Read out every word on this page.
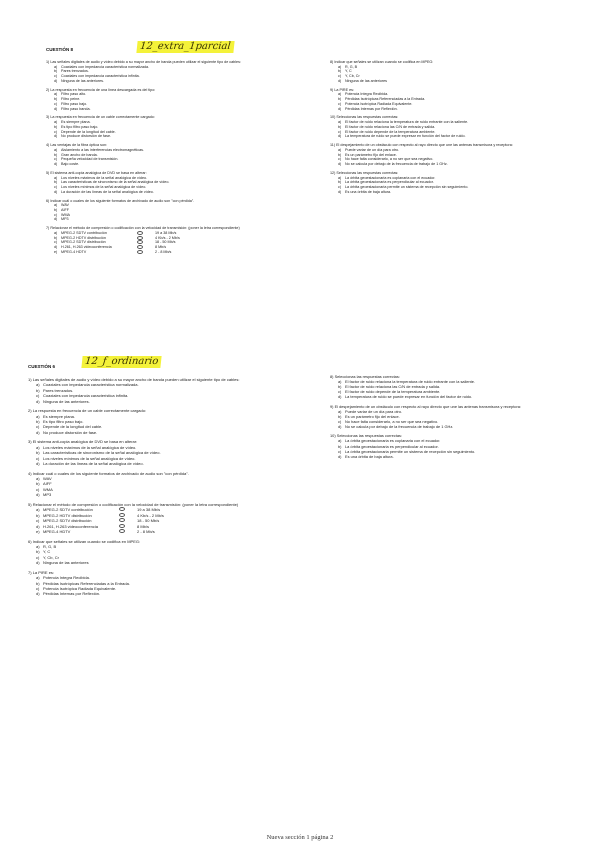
CUESTIÓN 8	12_extra_1parcial
1) Las señales digitales de audio y vídeo debido a su mayor ancho de banda pueden utilizar el siguiente tipo de cables:
a)	Coaxiales con impedancia característica normalizada.
b)	Pares trenzados.
c)	Coaxiales con impedancia característica infinita.
d)	Ninguna de las anteriores.
2) La respuesta en frecuencia de una línea descargada es del tipo:
a)	Filtro paso alto.
b)	Filtro peine.
c)	Filtro paso bajo.
d)	Filtro paso banda.
3) La respuesta en frecuencia de un cable correctamente cargado:
a)	Es siempre plana.
b)	Es tipo filtro paso bajo.
c)	Depende de la longitud del cable.
d)	No produce distorsión de fase.
4) Las ventajas de la fibra óptica son:
a)	Aislamiento a las interferencias electromagnéticas.
b)	Gran ancho de banda.
c)	Pequeña velocidad de transmisión.
d)	Bajo coste.
5) El sistema anti-copia analógica de DVD se basa en alterar:
a)	Los niveles máximos de la señal analógica de vídeo.
b)	Las características de sincronismo de la señal analógica de vídeo.
c)	Los niveles mínimos de la señal analógica de vídeo.
d)	La duración de las líneas de la señal analógica de vídeo.
6) Indicar cuál o cuales de los siguiente formatos de archivado de audio son "con pérdida".
a)	WAV
b)	AIFF
c)	WMA
d)	MP3
7) Relacionar el método de compresión o codificación con la velocidad de transmisión: (poner la letra correspondiente)
a)	MPEG-2 SDTV contribución	19 a 38 Mb/s
b)	MPEG-2 HDTV distribución	4 Kb/s - 2 Mb/s
c)	MPEG-2 SDTV distribución	18 - 50 Mb/s
d)	H.261, H.263 videoconferencia	8 Mb/s
e)	MPEG-4 HDTV	2 - 8 Mb/s
8) Indicar que señales se utilizan cuando se codifica en MPEG:
a)	R, G, B
b)	Y, C
c)	Y, Cb, Cr
d)	Ninguna de las anteriores
9) La PIRE es:
a)	Potencia Integra Recibida.
b)	Pérdidas Isotrópicas Referenciadas a la Entrada.
c)	Potencia Isotrópica Radiada Equivalente.
d)	Pérdidas Internas por Reflexión.
10) Seleccionas las respuestas correctas:
a)	El factor de ruido relaciona la temperatura de ruido entrante con la saliente.
b)	El factor de ruido relaciona las C/N de entrada y salida.
c)	El factor de ruido depende de la temperatura ambiente.
d)	La temperatura de ruido se puede expresar en función del factor de ruido.
11) El despejamiento de un obstáculo con respecto al rayo directo que une las antenas transmisora y receptora:
a)	Puede variar de un día para otro.
b)	Es un parámetro fijo del enlace.
c)	No hace falta considerarlo, a no ser que sea negativo.
d)	No se calcula por debajo de la frecuencia de trabajo de 1 GHz.
12) Seleccionas las respuestas correctas:
a)	La órbita geoestacionaria es coplanaria con el ecuador.
b)	La órbita geoestacionaria es perpendicular al ecuador.
c)	La órbita geoestacionaria permite un sistema de recepción sin seguimiento.
d)	Es una órbita de baja altura.
CUESTIÓN 6	12_f_ordinario
1) Las señales digitales de audio y vídeo debido a su mayor ancho de banda pueden utilizar el siguiente tipo de cables:
a) Coaxiales con impedancia característica normalizada.
b) Pares trenzados.
c) Coaxiales con impedancia característica infinita.
d) Ninguna de las anteriores.
2) La respuesta en frecuencia de un cable correctamente cargado:
a) Es siempre plana.
b) Es tipo filtro paso bajo.
c) Depende de la longitud del cable.
d) No produce distorsión de fase.
3) El sistema anti-copia analógica de DVD se basa en alterar:
a) Los niveles máximos de la señal analógica de vídeo.
b) Las características de sincronismo de la señal analógica de vídeo.
c) Los niveles mínimos de la señal analógica de vídeo.
d) La duración de las líneas de la señal analógica de vídeo.
4) Indicar cuál o cuales de los siguiente formatos de archivado de audio son "con pérdida".
a) WAV
b) AIFF
c) WMA
d) MP3
5) Relacionar el método de compresión o codificación con la velocidad de transmisión: (poner la letra correspondiente)
a) MPEG-2 SDTV contribución	19 a 38 Mb/s
b) MPEG-2 HDTV distribución	4 Kb/s - 2 Mb/s
c) MPEG-2 SDTV distribución	18 - 50 Mb/s
d) H.261, H.263 videoconferencia	8 Mb/s
e) MPEG-4 HDTV	2 - 8 Mb/s
6) Indicar que señales se utilizan cuando se codifica en MPEG:
a) R, G, B
b) Y, C
c) Y, Cb, Cr
d) Ninguna de las anteriores
7) La PIRE es:
a) Potencia Integra Recibida.
b) Pérdidas Isotrópicas Referenciadas a la Entrada.
c) Potencia Isotrópica Radiada Equivalente.
d) Pérdidas Internas por Reflexión.
8) Seleccionas las respuestas correctas:
a) El factor de ruido relaciona la temperatura de ruido entrante con la saliente.
b) El factor de ruido relaciona las C/N de entrada y salida.
c) El factor de ruido depende de la temperatura ambiente.
d) La temperatura de ruido se puede expresar en función del factor de ruido.
9) El despejamiento de un obstáculo con respecto al rayo directo que une las antenas transmisora y receptora:
a) Puede variar de un día para otro.
b) Es un parámetro fijo del enlace.
c) No hace falta considerarlo, a no ser que sea negativo.
d) No se calcula por debajo de la frecuencia de trabajo de 1 GHz.
10) Seleccionas las respuestas correctas:
a) La órbita geoestacionaria es coplanaria con el ecuador.
b) La órbita geoestacionaria es perpendicular al ecuador.
c) La órbita geoestacionaria permite un sistema de recepción sin seguimiento.
d) Es una órbita de baja altura.
Nueva sección 1 página 2
